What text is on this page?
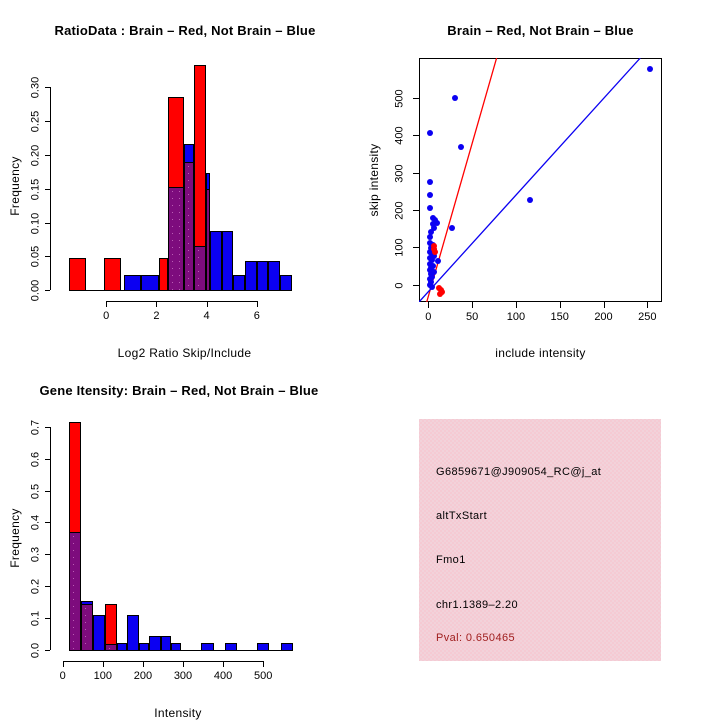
RatioData : Brain – Red, Not Brain – Blue
Log2 Ratio Skip/Include
Frequency
0.00
0.05
0.10
0.15
0.20
0.25
0.30
0	2	4	6
Brain – Red, Not Brain – Blue
include intensity
skip intensity
0	50	100	150	200	250
0
100
200
300
400
500
Gene Itensity: Brain – Red, Not Brain – Blue
Intensity
Frequency
0.0
0.1
0.2
0.3
0.4
0.5
0.6
0.7
0	100	200	300	400	500
G6859671@J909054_RC@j_at
altTxStart
Fmo1
chr1.1389–2.20
Pval: 0.650465
